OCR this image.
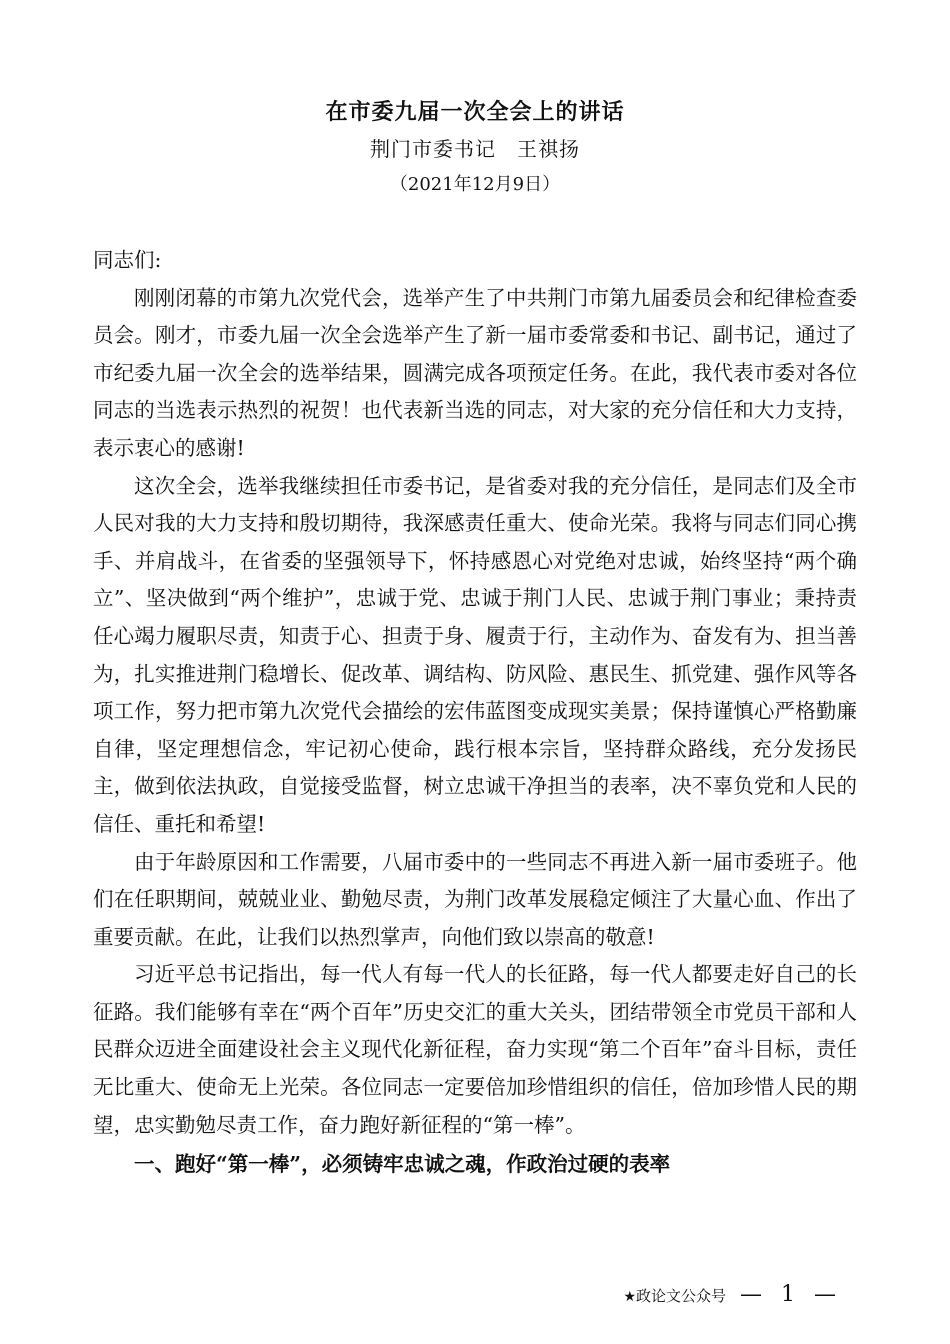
在市委九届一次全会上的讲话
荆门市委书记　王祺扬
（2021年12月9日）

同志们:

刚刚闭幕的市第九次党代会，选举产生了中共荆门市第九届委员会和纪律检查委员会。刚才，市委九届一次全会选举产生了新一届市委常委和书记、副书记，通过了市纪委九届一次全会的选举结果，圆满完成各项预定任务。在此，我代表市委对各位同志的当选表示热烈的祝贺！也代表新当选的同志，对大家的充分信任和大力支持，表示衷心的感谢!

这次全会，选举我继续担任市委书记，是省委对我的充分信任，是同志们及全市人民对我的大力支持和殷切期待，我深感责任重大、使命光荣。我将与同志们同心携手、并肩战斗，在省委的坚强领导下，怀持感恩心对党绝对忠诚，始终坚持“两个确立”、坚决做到“两个维护”，忠诚于党、忠诚于荆门人民、忠诚于荆门事业；秉持责任心竭力履职尽责，知责于心、担责于身、履责于行，主动作为、奋发有为、担当善为，扎实推进荆门稳增长、促改革、调结构、防风险、惠民生、抓党建、强作风等各项工作，努力把市第九次党代会描绘的宏伟蓝图变成现实美景；保持谨慎心严格勤廉自律，坚定理想信念，牢记初心使命，践行根本宗旨，坚持群众路线，充分发扬民主，做到依法执政，自觉接受监督，树立忠诚干净担当的表率，决不辜负党和人民的信任、重托和希望!

由于年龄原因和工作需要，八届市委中的一些同志不再进入新一届市委班子。他们在任职期间，兢兢业业、勤勉尽责，为荆门改革发展稳定倾注了大量心血、作出了重要贡献。在此，让我们以热烈掌声，向他们致以崇高的敬意!

习近平总书记指出，每一代人有每一代人的长征路，每一代人都要走好自己的长征路。我们能够有幸在“两个百年”历史交汇的重大关头，团结带领全市党员干部和人民群众迈进全面建设社会主义现代化新征程，奋力实现“第二个百年”奋斗目标，责任无比重大、使命无上光荣。各位同志一定要倍加珍惜组织的信任，倍加珍惜人民的期望，忠实勤勉尽责工作，奋力跑好新征程的“第一棒”。

一、跑好“第一棒”，必须铸牢忠诚之魂，作政治过硬的表率

★政论文公众号 — 1 —
